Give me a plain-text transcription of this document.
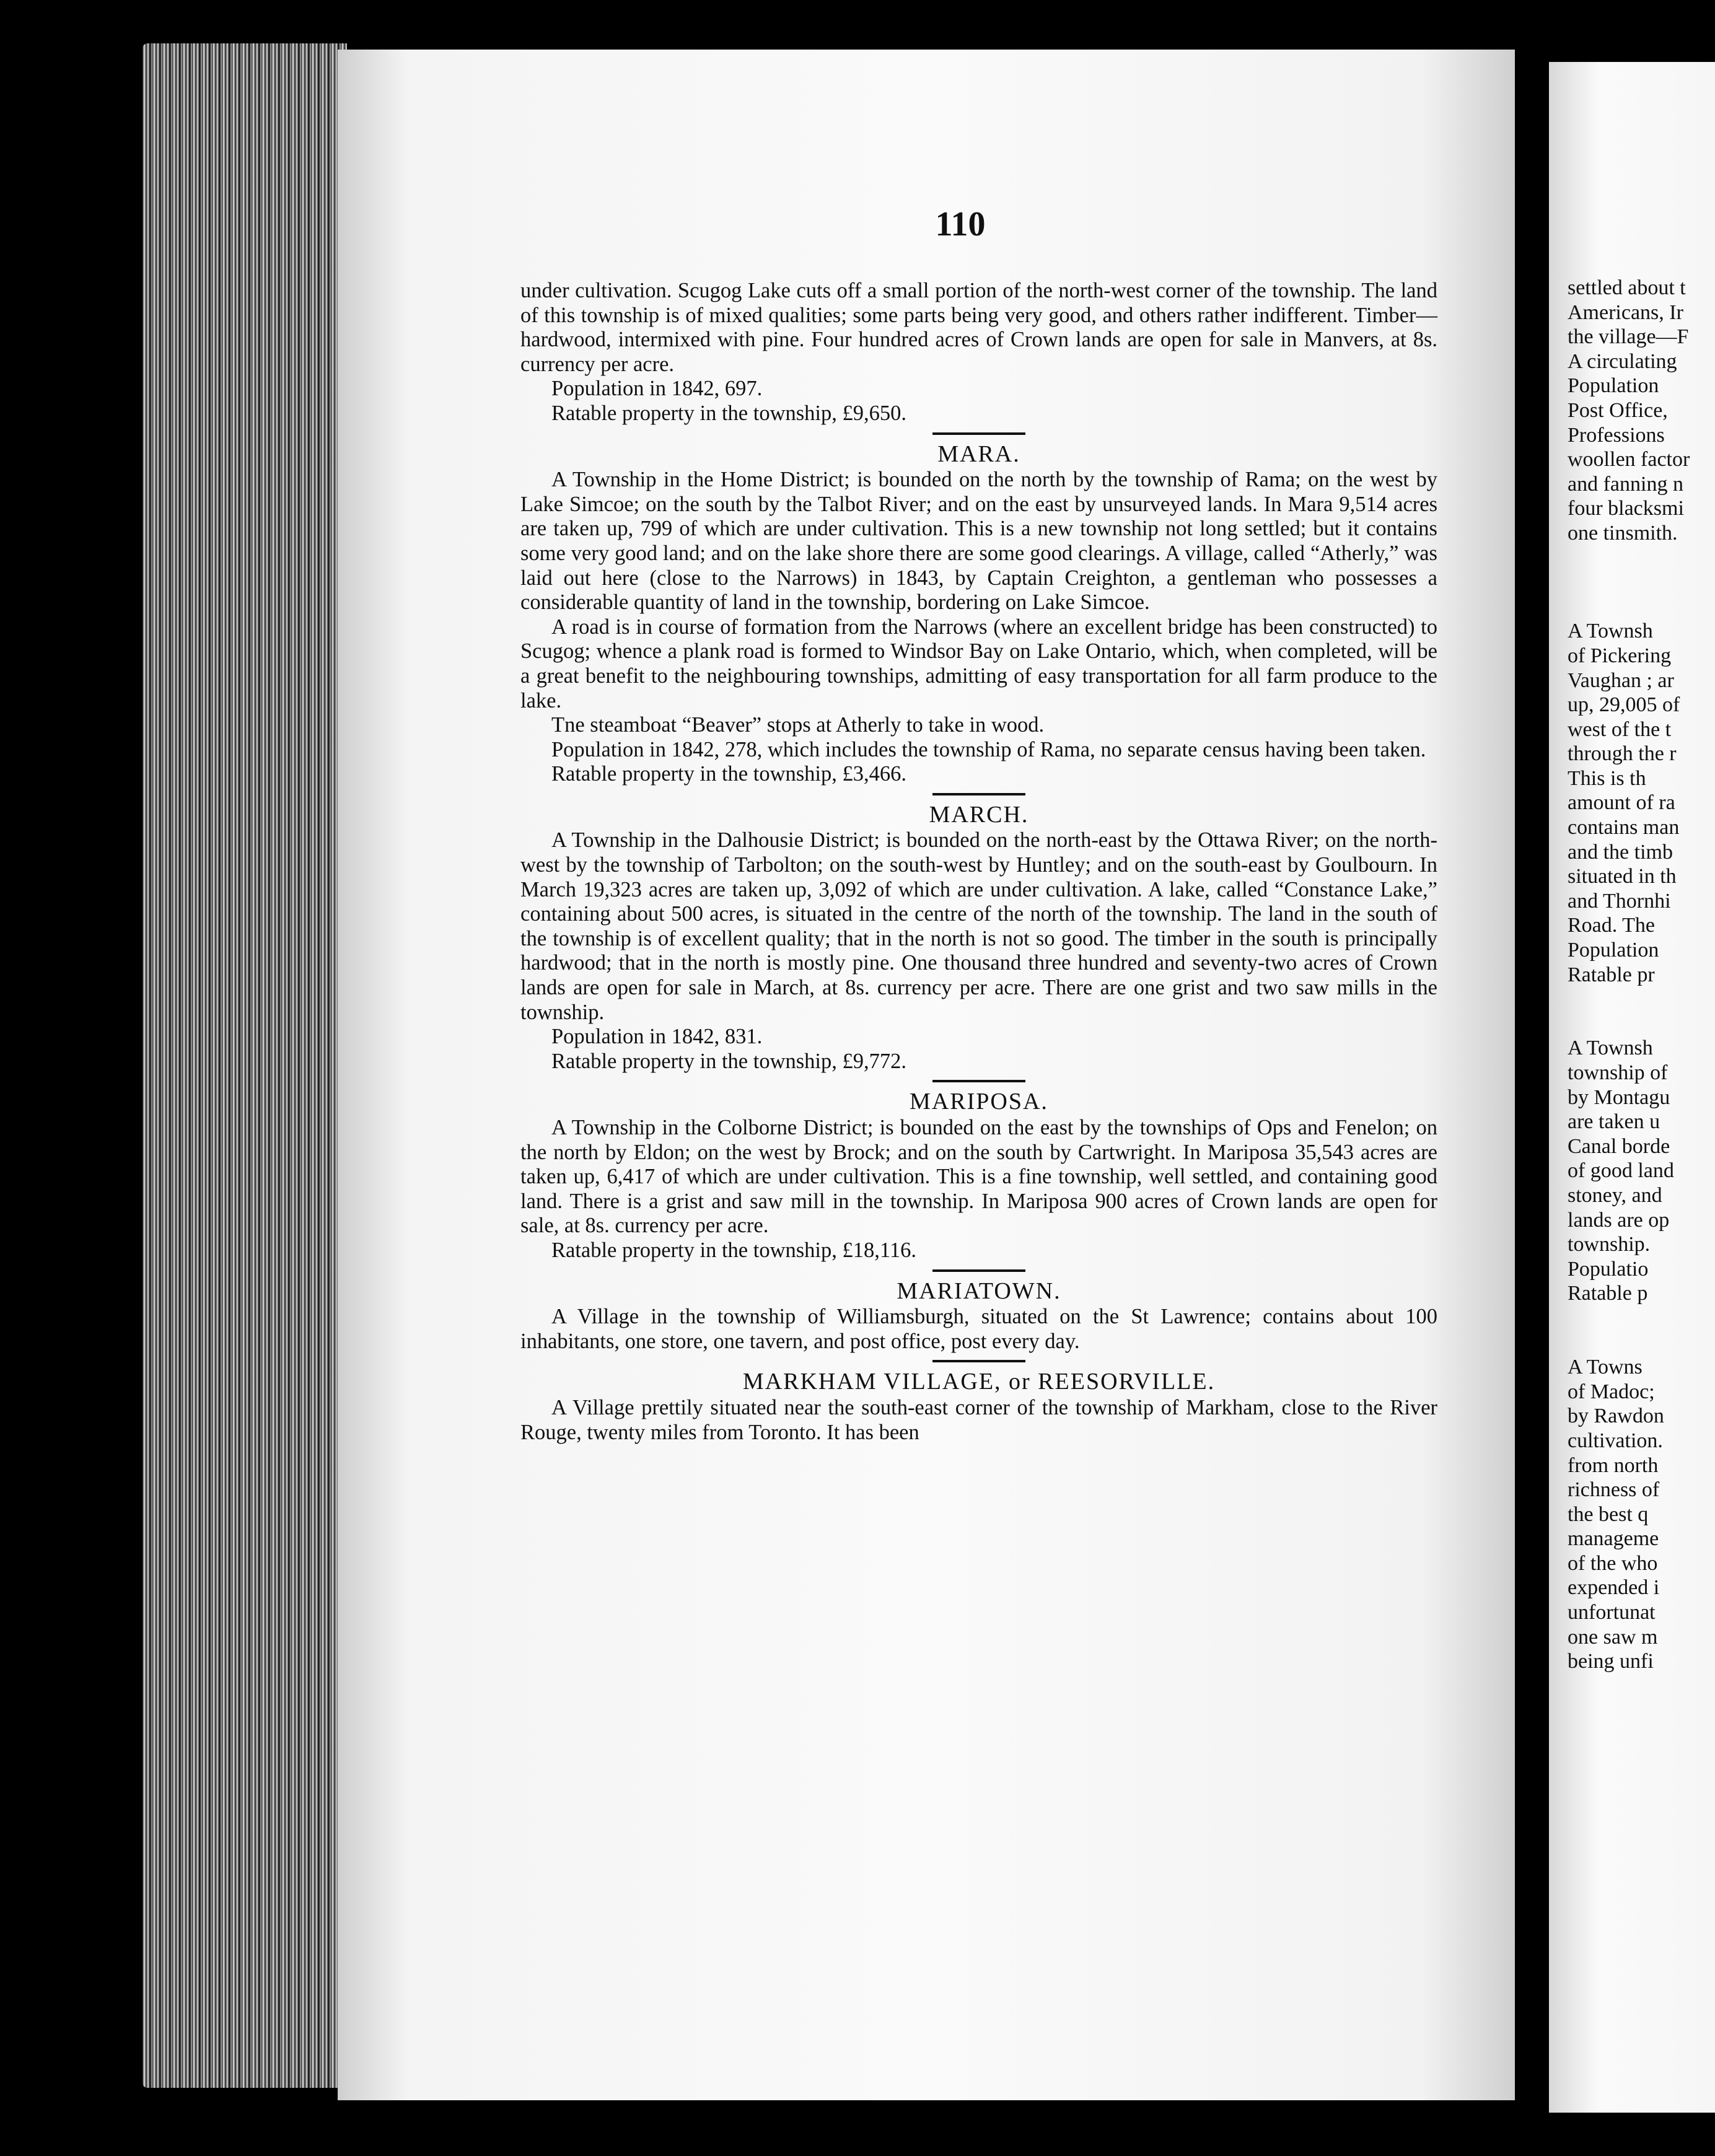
110

under cultivation. Scugog Lake cuts off a small portion of the north-west corner of the township. The land of this township is of mixed qualities; some parts being very good, and others rather indifferent. Timber—hardwood, intermixed with pine. Four hundred acres of Crown lands are open for sale in Manvers, at 8s. currency per acre.

Population in 1842, 697.

Ratable property in the township, £9,650.

MARA.

A Township in the Home District; is bounded on the north by the township of Rama; on the west by Lake Simcoe; on the south by the Talbot River; and on the east by unsurveyed lands. In Mara 9,514 acres are taken up, 799 of which are under cultivation. This is a new township not long settled; but it contains some very good land; and on the lake shore there are some good clearings. A village, called “Atherly,” was laid out here (close to the Narrows) in 1843, by Captain Creighton, a gentleman who possesses a considerable quantity of land in the township, bordering on Lake Simcoe.

A road is in course of formation from the Narrows (where an excellent bridge has been constructed) to Scugog; whence a plank road is formed to Windsor Bay on Lake Ontario, which, when completed, will be a great benefit to the neighbouring townships, admitting of easy transportation for all farm produce to the lake.

Tne steamboat “Beaver” stops at Atherly to take in wood.

Population in 1842, 278, which includes the township of Rama, no separate census having been taken.

Ratable property in the township, £3,466.

MARCH.

A Township in the Dalhousie District; is bounded on the north-east by the Ottawa River; on the north-west by the township of Tarbolton; on the south-west by Huntley; and on the south-east by Goulbourn. In March 19,323 acres are taken up, 3,092 of which are under cultivation. A lake, called “Constance Lake,” containing about 500 acres, is situated in the centre of the north of the township. The land in the south of the township is of excellent quality; that in the north is not so good. The timber in the south is principally hardwood; that in the north is mostly pine. One thousand three hundred and seventy-two acres of Crown lands are open for sale in March, at 8s. currency per acre. There are one grist and two saw mills in the township.

Population in 1842, 831.

Ratable property in the township, £9,772.

MARIPOSA.

A Township in the Colborne District; is bounded on the east by the townships of Ops and Fenelon; on the north by Eldon; on the west by Brock; and on the south by Cartwright. In Mariposa 35,543 acres are taken up, 6,417 of which are under cultivation. This is a fine township, well settled, and containing good land. There is a grist and saw mill in the township. In Mariposa 900 acres of Crown lands are open for sale, at 8s. currency per acre.

Ratable property in the township, £18,116.

MARIATOWN.

A Village in the township of Williamsburgh, situated on the St Lawrence; contains about 100 inhabitants, one store, one tavern, and post office, post every day.

MARKHAM VILLAGE, or REESORVILLE.

A Village prettily situated near the south-east corner of the township of Markham, close to the River Rouge, twenty miles from Toronto. It has been

settled about t
Americans, Ir
the village—F
A circulating
Population
Post Office,
Professions
woollen factor
and fanning n
four blacksmi
one tinsmith.
A Townsh
of Pickering
Vaughan ; ar
up, 29,005 of
west of the t
through the r
This is th
amount of ra
contains man
and the timb
situated in th
and Thornhi
Road. The
Population
Ratable pr
A Townsh
township of
by Montagu
are taken u
Canal borde
of good land
stoney, and
lands are op
township.
Populatio
Ratable p
A Towns
of Madoc;
by Rawdon
cultivation.
from north
richness of
the best q
manageme
of the who
expended i
unfortunat
one saw m
being unfi
